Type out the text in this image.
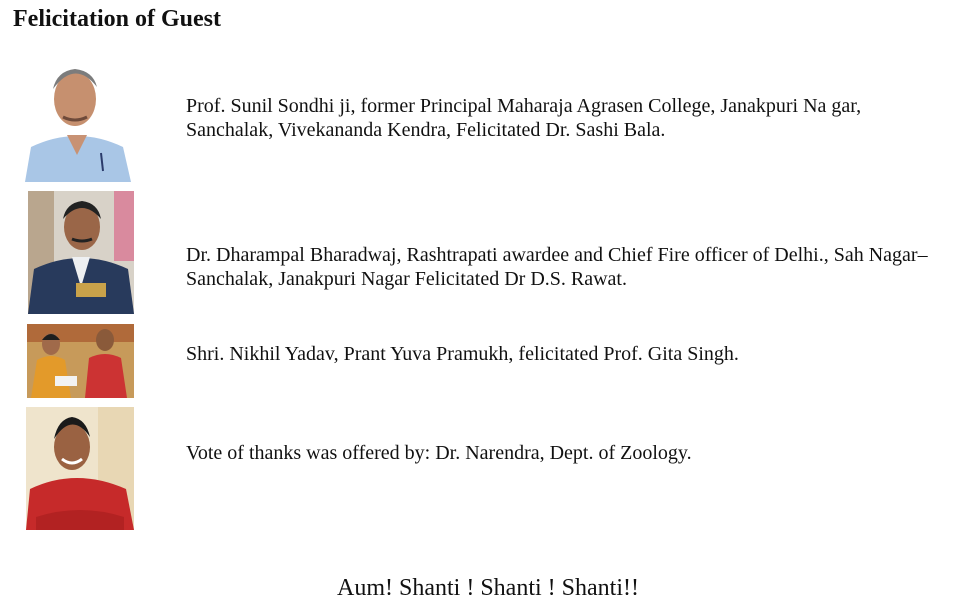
Felicitation of Guest

Prof. Sunil Sondhi ji, former Principal Maharaja Agrasen College, Janakpuri Na gar, Sanchalak, Vivekananda Kendra, Felicitated Dr. Sashi Bala.

Dr. Dharampal Bharadwaj, Rashtrapati awardee and Chief Fire officer of Delhi., Sah Nagar– Sanchalak, Janakpuri Nagar Felicitated Dr D.S. Rawat.

Shri. Nikhil Yadav, Prant Yuva Pramukh, felicitated Prof. Gita Singh.

Vote of thanks was offered by: Dr. Narendra, Dept. of Zoology.

Aum! Shanti ! Shanti ! Shanti!!
